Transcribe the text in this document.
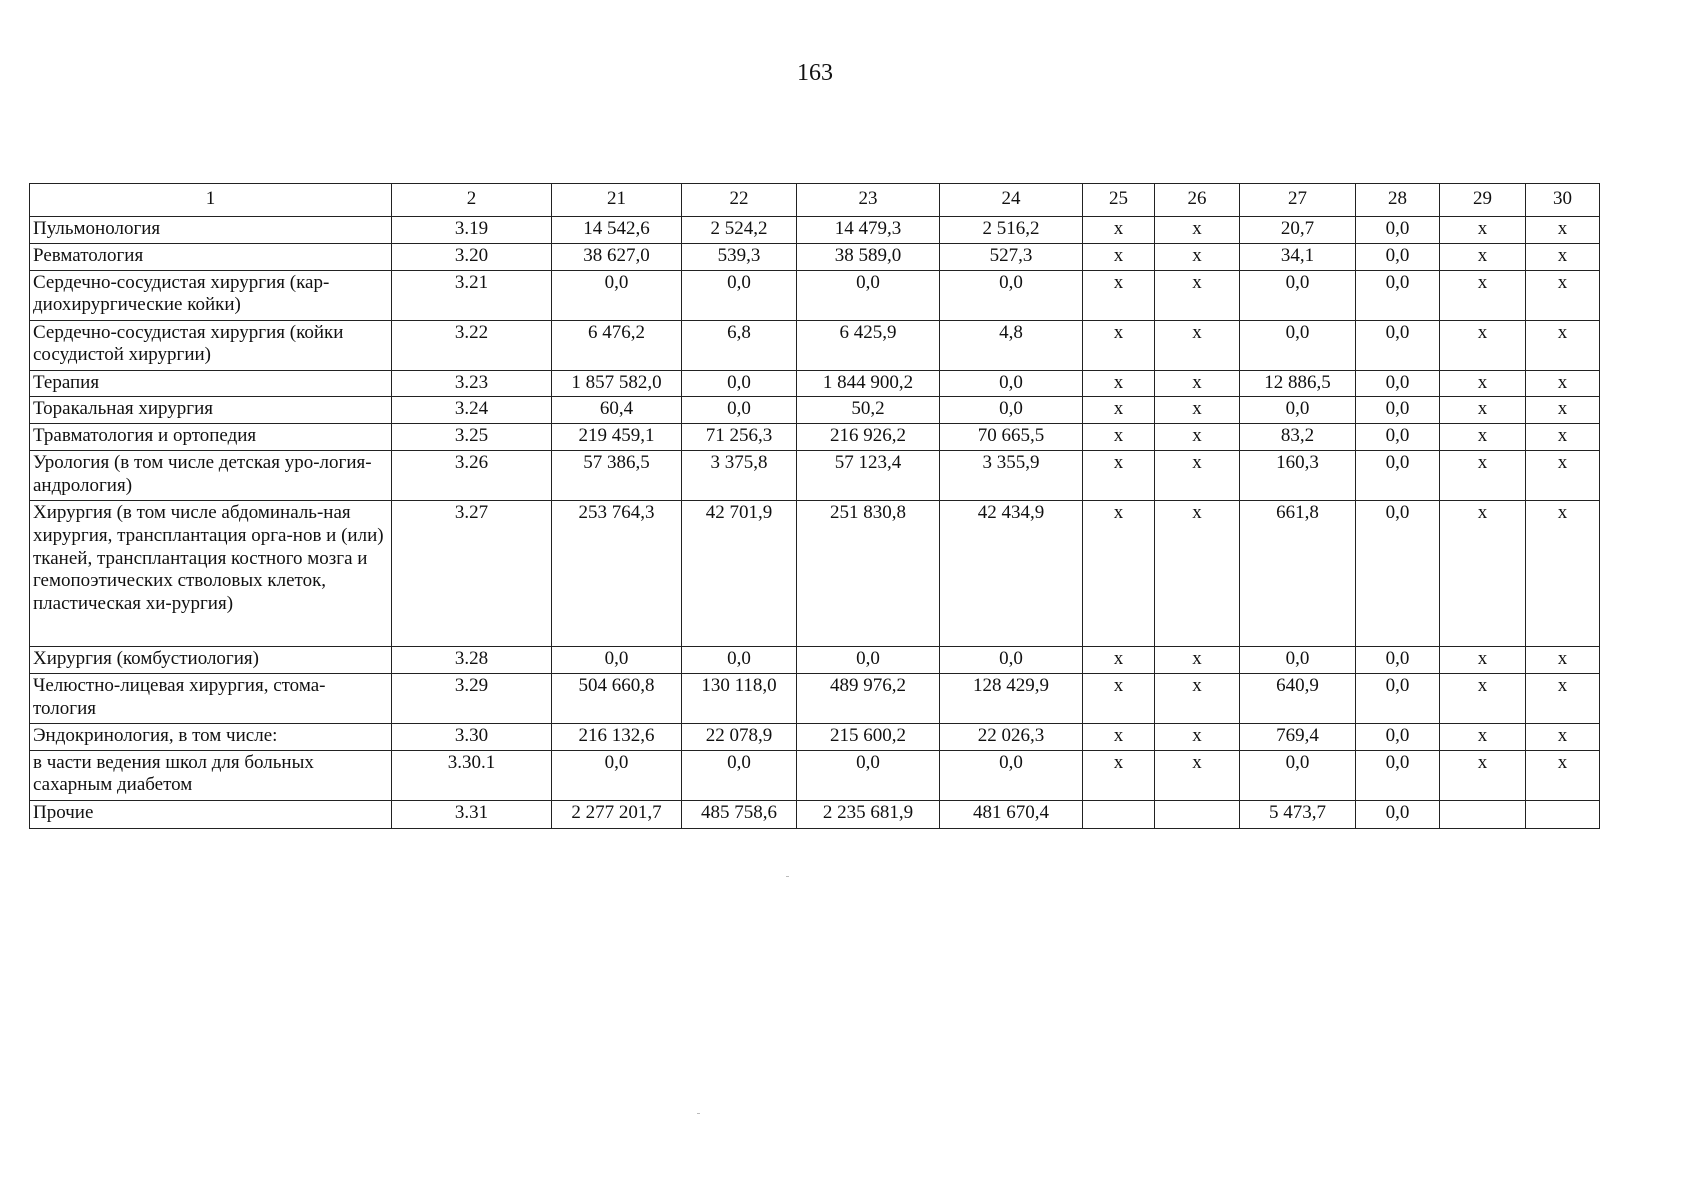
163
1	2	21	22	23	24	25	26	27	28	29	30
Пульмонология	3.19	14 542,6	2 524,2	14 479,3	2 516,2	х	х	20,7	0,0	х	х
Ревматология	3.20	38 627,0	539,3	38 589,0	527,3	х	х	34,1	0,0	х	х
Сердечно-сосудистая хирургия (кар-диохирургические койки)	3.21	0,0	0,0	0,0	0,0	х	х	0,0	0,0	х	х
Сердечно-сосудистая хирургия (койки сосудистой хирургии)	3.22	6 476,2	6,8	6 425,9	4,8	х	х	0,0	0,0	х	х
Терапия	3.23	1 857 582,0	0,0	1 844 900,2	0,0	х	х	12 886,5	0,0	х	х
Торакальная хирургия	3.24	60,4	0,0	50,2	0,0	х	х	0,0	0,0	х	х
Травматология и ортопедия	3.25	219 459,1	71 256,3	216 926,2	70 665,5	х	х	83,2	0,0	х	х
Урология (в том числе детская уро-логия-андрология)	3.26	57 386,5	3 375,8	57 123,4	3 355,9	х	х	160,3	0,0	х	х
Хирургия (в том числе абдоминаль-ная хирургия, трансплантация орга-нов и (или) тканей, трансплантация костного мозга и гемопоэтических стволовых клеток, пластическая хи-рургия)	3.27	253 764,3	42 701,9	251 830,8	42 434,9	х	х	661,8	0,0	х	х
Хирургия (комбустиология)	3.28	0,0	0,0	0,0	0,0	х	х	0,0	0,0	х	х
Челюстно-лицевая хирургия, стома-тология	3.29	504 660,8	130 118,0	489 976,2	128 429,9	х	х	640,9	0,0	х	х
Эндокринология, в том числе:	3.30	216 132,6	22 078,9	215 600,2	22 026,3	х	х	769,4	0,0	х	х
в части ведения школ для больных сахарным диабетом	3.30.1	0,0	0,0	0,0	0,0	х	х	0,0	0,0	х	х
Прочие	3.31	2 277 201,7	485 758,6	2 235 681,9	481 670,4			5 473,7	0,0		
